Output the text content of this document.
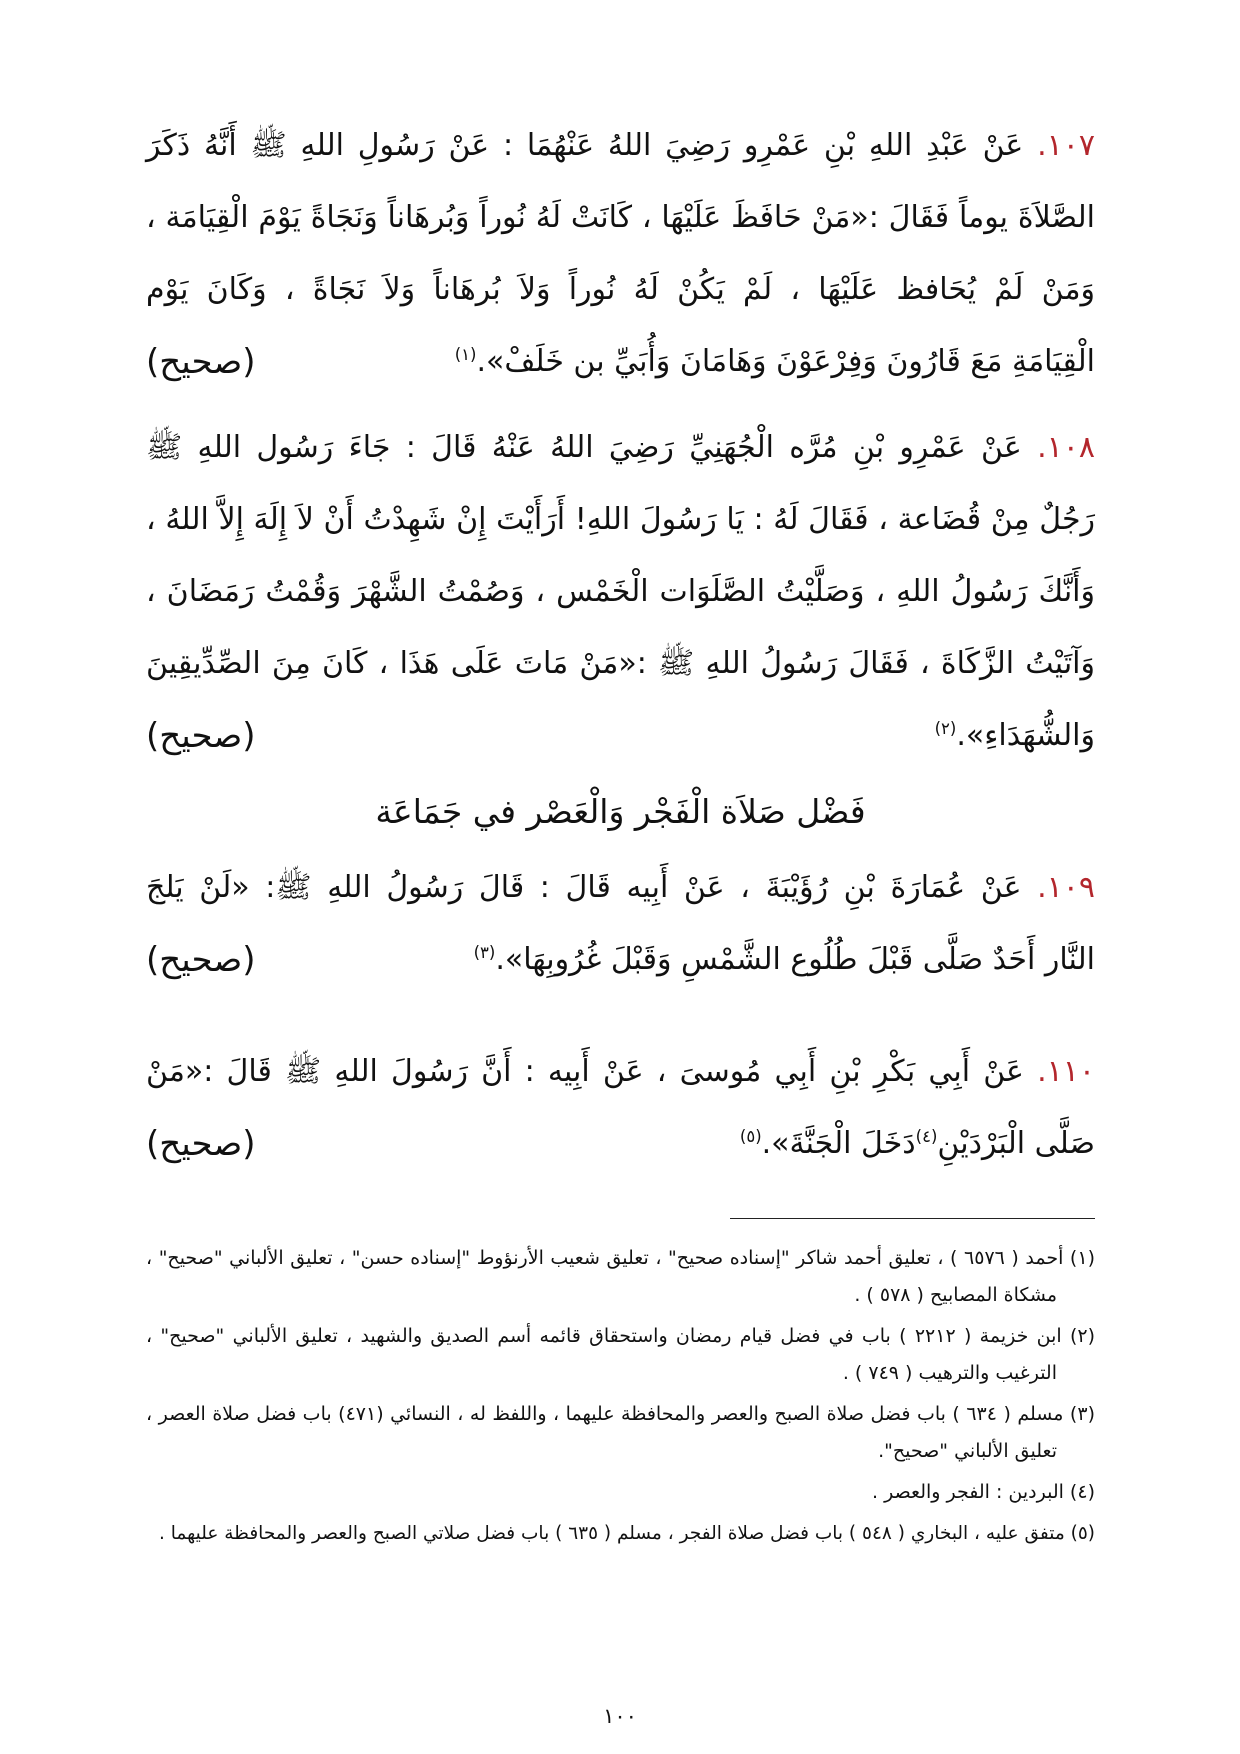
١٠٧. عَنْ عَبْدِ اللهِ بْنِ عَمْرِو رَضِيَ اللهُ عَنْهُمَا : عَنْ رَسُولِ اللهِ ﷺ أَنَّهُ ذَكَرَ
الصَّلاَةَ يوماً فَقَالَ :«مَنْ حَافَظَ عَلَيْهَا ، كَانَتْ لَهُ نُوراً وَبُرهَاناً وَنَجَاةً يَوْمَ الْقِيَامَة ،
وَمَنْ لَمْ يُحَافظ عَلَيْهَا ، لَمْ يَكُنْ لَهُ نُوراً وَلاَ بُرهَاناً وَلاَ نَجَاةً ، وَكَانَ يَوْم
الْقِيَامَةِ مَعَ قَارُونَ وَفِرْعَوْنَ وَهَامَانَ وَأُبَيِّ بن خَلَفْ».$^{(١)}$
(صحيح)
١٠٨. عَنْ عَمْرِو بْنِ مُرَّه الْجُهَنِيِّ رَضِيَ اللهُ عَنْهُ قَالَ : جَاءَ رَسُول اللهِ ﷺ
رَجُلٌ مِنْ قُضَاعة ، فَقَالَ لَهُ : يَا رَسُولَ اللهِ! أَرَأَيْتَ إِنْ شَهِدْتُ أَنْ لاَ إِلَهَ إِلاَّ اللهُ ،
وَأَنَّكَ رَسُولُ اللهِ ، وَصَلَّيْتُ الصَّلَوَات الْخَمْس ، وَصُمْتُ الشَّهْرَ وَقُمْتُ رَمَضَانَ ،
وَآتَيْتُ الزَّكَاةَ ، فَقَالَ رَسُولُ اللهِ ﷺ :«مَنْ مَاتَ عَلَى هَذَا ، كَانَ مِنَ الصِّدِّيقِينَ
وَالشُّهَدَاءِ».$^{(٢)}$
(صحيح)
فَضْل صَلاَة الْفَجْر وَالْعَصْر في جَمَاعَة
١٠٩. عَنْ عُمَارَةَ بْنِ رُؤَيْبَةَ ، عَنْ أَبِيه قَالَ : قَالَ رَسُولُ اللهِ ﷺ: «لَنْ يَلجَ
النَّار أَحَدٌ صَلَّى قَبْلَ طُلُوع الشَّمْسِ وَقَبْلَ غُرُوبِهَا».$^{(٣)}$
(صحيح)
١١٠. عَنْ أَبِي بَكْرِ بْنِ أَبِي مُوسىَ ، عَنْ أَبِيه : أَنَّ رَسُولَ اللهِ ﷺ قَالَ :«مَنْ
صَلَّى الْبَرْدَيْنِ$^{(٤)}$دَخَلَ الْجَنَّةَ».$^{(٥)}$
(صحيح)
(١) أحمد ( ٦٥٧٦ ) ، تعليق أحمد شاكر "إسناده صحيح" ، تعليق شعيب الأرنؤوط "إسناده حسن" ، تعليق الألباني "صحيح" ،
مشكاة المصابيح ( ٥٧٨ ) .
(٢) ابن خزيمة ( ٢٢١٢ ) باب في فضل قيام رمضان واستحقاق قائمه أسم الصديق والشهيد ، تعليق الألباني "صحيح" ،
الترغيب والترهيب ( ٧٤٩ ) .
(٣) مسلم ( ٦٣٤ ) باب فضل صلاة الصبح والعصر والمحافظة عليهما ، واللفظ له ، النسائي (٤٧١) باب فضل صلاة العصر ،
تعليق الألباني "صحيح".
(٤) البردين : الفجر والعصر .
(٥) متفق عليه ، البخاري ( ٥٤٨ ) باب فضل صلاة الفجر ، مسلم ( ٦٣٥ ) باب فضل صلاتي الصبح والعصر والمحافظة عليهما .
١٠٠
